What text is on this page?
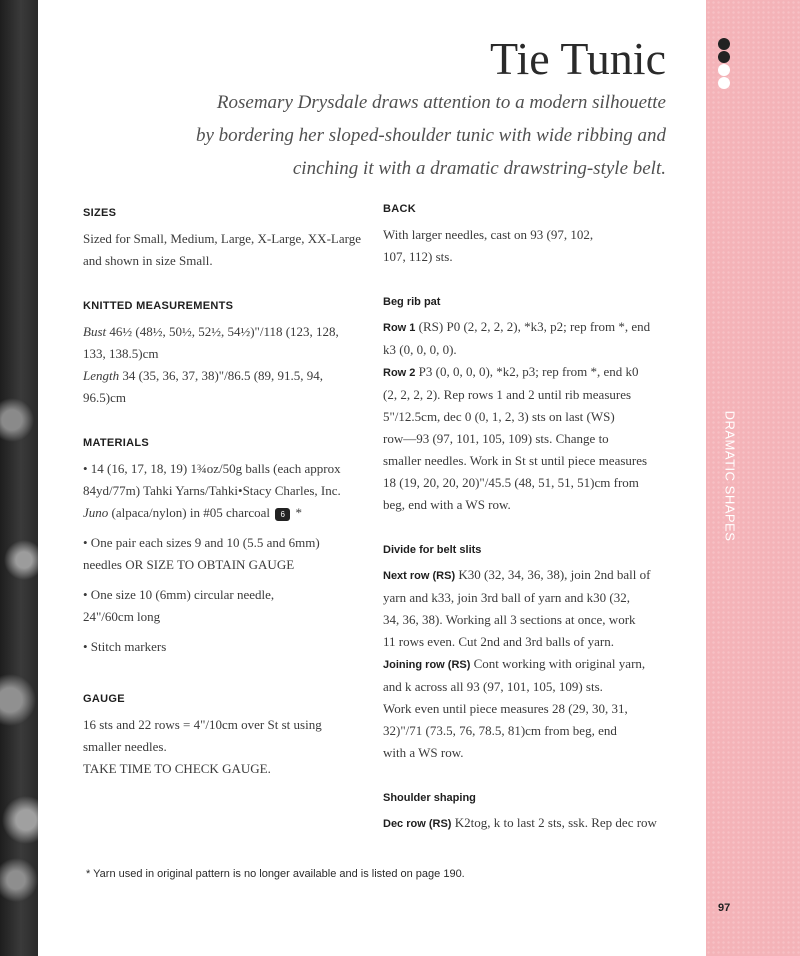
DRAMATIC SHAPES
97
Tie Tunic
Rosemary Drysdale draws attention to a modern silhouette
by bordering her sloped-shoulder tunic with wide ribbing and
cinching it with a dramatic drawstring-style belt.
SIZES
Sized for Small, Medium, Large, X-Large, XX-Large
and shown in size Small.
KNITTED MEASUREMENTS
Bust 46½ (48½, 50½, 52½, 54½)"/118 (123, 128,
133, 138.5)cm
Length 34 (35, 36, 37, 38)"/86.5 (89, 91.5, 94,
96.5)cm
MATERIALS
• 14 (16, 17, 18, 19) 1¾oz/50g balls (each approx
84yd/77m) Tahki Yarns/Tahki•Stacy Charles, Inc.
Juno (alpaca/nylon) in #05 charcoal 6 *
• One pair each sizes 9 and 10 (5.5 and 6mm)
needles OR SIZE TO OBTAIN GAUGE
• One size 10 (6mm) circular needle,
24"/60cm long
• Stitch markers
GAUGE
16 sts and 22 rows = 4"/10cm over St st using
smaller needles.
TAKE TIME TO CHECK GAUGE.
BACK
With larger needles, cast on 93 (97, 102,
107, 112) sts.
Beg rib pat
Row 1 (RS) P0 (2, 2, 2, 2), *k3, p2; rep from *, end
k3 (0, 0, 0, 0).
Row 2 P3 (0, 0, 0, 0), *k2, p3; rep from *, end k0
(2, 2, 2, 2). Rep rows 1 and 2 until rib measures
5"/12.5cm, dec 0 (0, 1, 2, 3) sts on last (WS)
row—93 (97, 101, 105, 109) sts. Change to
smaller needles. Work in St st until piece measures
18 (19, 20, 20, 20)"/45.5 (48, 51, 51, 51)cm from
beg, end with a WS row.
Divide for belt slits
Next row (RS) K30 (32, 34, 36, 38), join 2nd ball of
yarn and k33, join 3rd ball of yarn and k30 (32,
34, 36, 38). Working all 3 sections at once, work
11 rows even. Cut 2nd and 3rd balls of yarn.
Joining row (RS) Cont working with original yarn,
and k across all 93 (97, 101, 105, 109) sts.
Work even until piece measures 28 (29, 30, 31,
32)"/71 (73.5, 76, 78.5, 81)cm from beg, end
with a WS row.
Shoulder shaping
Dec row (RS) K2tog, k to last 2 sts, ssk. Rep dec row
* Yarn used in original pattern is no longer available and is listed on page 190.
